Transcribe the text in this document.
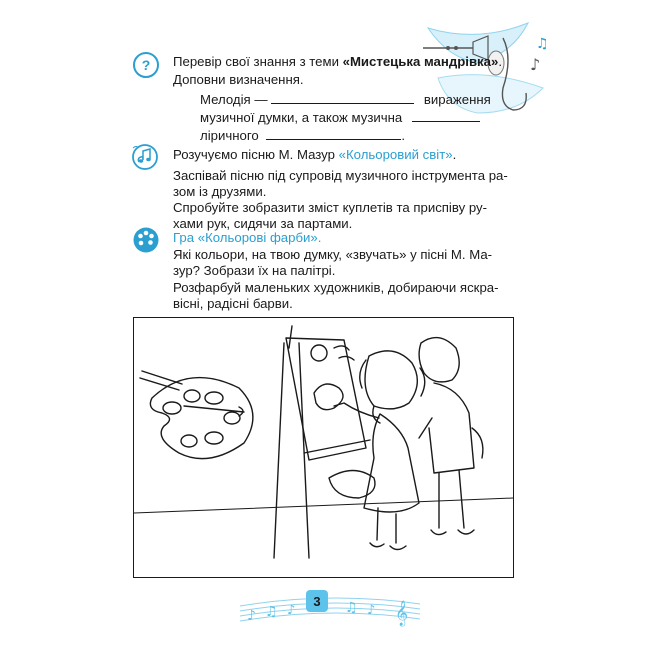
♪
♫
?	Перевір свої знання з теми «Мистецька мандрівка».
Доповни визначення.
Мелодія —	вираження
музичної думки, а також музична
ліричного	.
Розучуємо пісню М. Мазур «Кольоровий світ».
Заспівай пісню під супровід музичного інструмента ра-
зом із друзями.
Спробуйте зобразити зміст куплетів та приспіву ру-
хами рук, сидячи за партами.
Гра «Кольорові фарби».
Які кольори, на твою думку, «звучать» у пісні М. Ма-
зур? Зобрази їх на палітрі.
Розфарбуй маленьких художників, добираючи яскра-
вісні, радісні барви.
♪ ♫ ♪	♫ ♪ 𝄞
3
